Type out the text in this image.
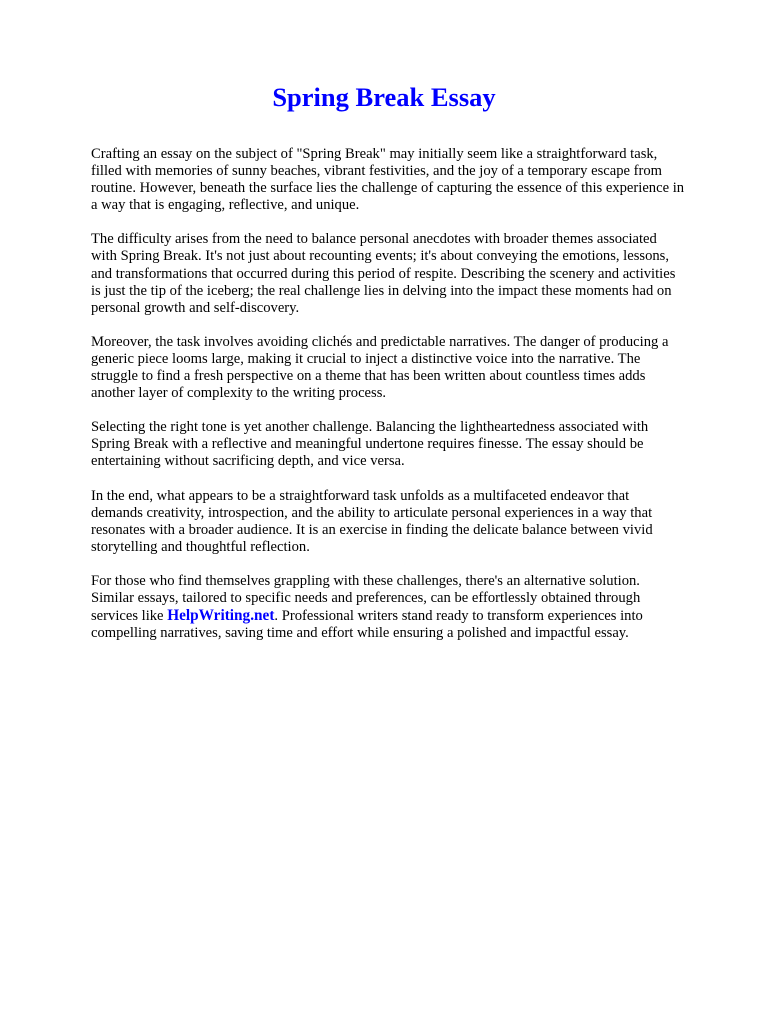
Spring Break Essay

Crafting an essay on the subject of "Spring Break" may initially seem like a straightforward task,
filled with memories of sunny beaches, vibrant festivities, and the joy of a temporary escape from
routine. However, beneath the surface lies the challenge of capturing the essence of this experience in
a way that is engaging, reflective, and unique.

The difficulty arises from the need to balance personal anecdotes with broader themes associated
with Spring Break. It's not just about recounting events; it's about conveying the emotions, lessons,
and transformations that occurred during this period of respite. Describing the scenery and activities
is just the tip of the iceberg; the real challenge lies in delving into the impact these moments had on
personal growth and self-discovery.

Moreover, the task involves avoiding clichés and predictable narratives. The danger of producing a
generic piece looms large, making it crucial to inject a distinctive voice into the narrative. The
struggle to find a fresh perspective on a theme that has been written about countless times adds
another layer of complexity to the writing process.

Selecting the right tone is yet another challenge. Balancing the lightheartedness associated with
Spring Break with a reflective and meaningful undertone requires finesse. The essay should be
entertaining without sacrificing depth, and vice versa.

In the end, what appears to be a straightforward task unfolds as a multifaceted endeavor that
demands creativity, introspection, and the ability to articulate personal experiences in a way that
resonates with a broader audience. It is an exercise in finding the delicate balance between vivid
storytelling and thoughtful reflection.

For those who find themselves grappling with these challenges, there's an alternative solution.
Similar essays, tailored to specific needs and preferences, can be effortlessly obtained through
services like HelpWriting.net. Professional writers stand ready to transform experiences into
compelling narratives, saving time and effort while ensuring a polished and impactful essay.
